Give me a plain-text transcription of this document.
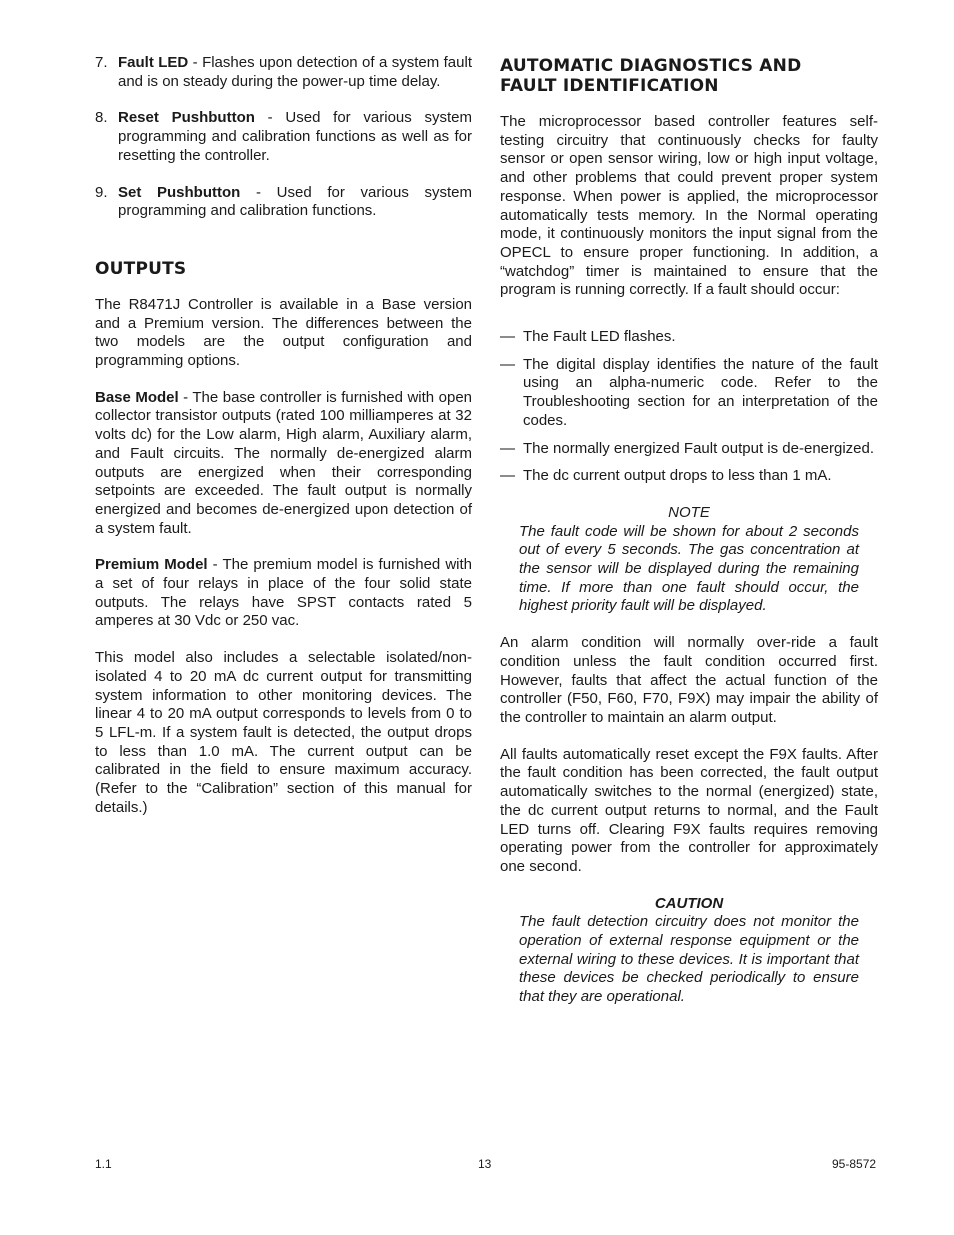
7. Fault LED - Flashes upon detection of a system fault and is on steady during the power-up time delay.
8. Reset Pushbutton - Used for various system programming and calibration functions as well as for resetting the controller.
9. Set Pushbutton - Used for various system programming and calibration functions.
OUTPUTS

The R8471J Controller is available in a Base version and a Premium version. The differences between the two models are the output configuration and programming options.

Base Model - The base controller is furnished with open collector transistor outputs (rated 100 milliamperes at 32 volts dc) for the Low alarm, High alarm, Auxiliary alarm, and Fault circuits. The normally de-energized alarm outputs are energized when their corresponding setpoints are exceeded. The fault output is normally energized and becomes de-energized upon detection of a system fault.

Premium Model - The premium model is furnished with a set of four relays in place of the four solid state outputs. The relays have SPST contacts rated 5 amperes at 30 Vdc or 250 vac.

This model also includes a selectable isolated/non-isolated 4 to 20 mA dc current output for transmitting system information to other monitoring devices. The linear 4 to 20 mA output corresponds to levels from 0 to 5 LFL-m. If a system fault is detected, the output drops to less than 1.0 mA. The current output can be calibrated in the field to ensure maximum accuracy. (Refer to the “Calibration” section of this manual for details.)

AUTOMATIC DIAGNOSTICS AND
FAULT IDENTIFICATION

The microprocessor based controller features self-testing circuitry that continuously checks for faulty sensor or open sensor wiring, low or high input voltage, and other problems that could prevent proper system response. When power is applied, the microprocessor automatically tests memory. In the Normal operating mode, it continuously monitors the input signal from the OPECL to ensure proper functioning. In addition, a “watchdog” timer is maintained to ensure that the program is running correctly. If a fault should occur:

— The Fault LED flashes.
— The digital display identifies the nature of the fault using an alpha-numeric code. Refer to the Troubleshooting section for an interpretation of the codes.
— The normally energized Fault output is de-energized.
— The dc current output drops to less than 1 mA.
NOTE
The fault code will be shown for about 2 seconds out of every 5 seconds. The gas concentration at the sensor will be displayed during the remaining time. If more than one fault should occur, the highest priority fault will be displayed.

An alarm condition will normally over-ride a fault condition unless the fault condition occurred first. However, faults that affect the actual function of the controller (F50, F60, F70, F9X) may impair the ability of the controller to maintain an alarm output.

All faults automatically reset except the F9X faults. After the fault condition has been corrected, the fault output automatically switches to the normal (energized) state, the dc current output returns to normal, and the Fault LED turns off. Clearing F9X faults requires removing operating power from the controller for approximately one second.

CAUTION
The fault detection circuitry does not monitor the operation of external response equipment or the external wiring to these devices. It is important that these devices be checked periodically to ensure that they are operational.
1.1	13	95-8572
